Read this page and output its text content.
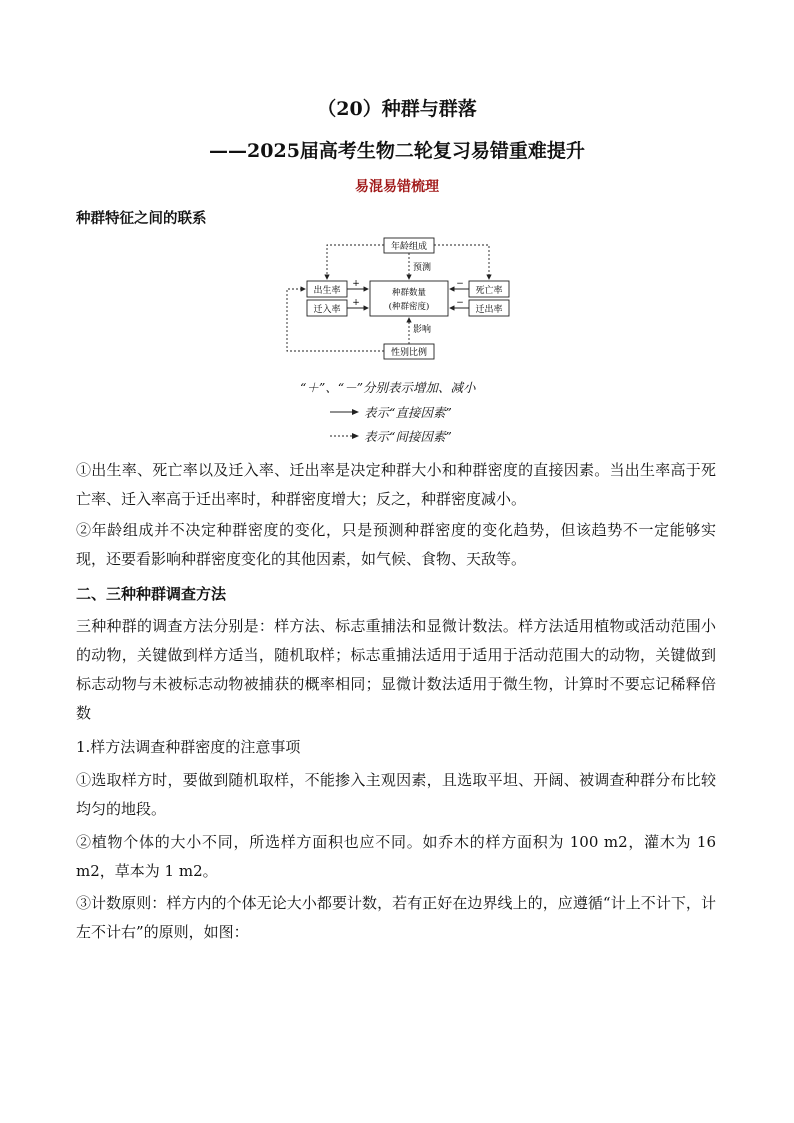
（20）种群与群落
——2025届高考生物二轮复习易错重难提升
易混易错梳理
种群特征之间的联系
年龄组成
出生率
迁入率
种群数量
(种群密度)
死亡率
迁出率
性别比例
预测
影响
+
+
−
−
“＋”、“－”分别表示增加、减小
表示“直接因素”
表示“间接因素”
①出生率、死亡率以及迁入率、迁出率是决定种群大小和种群密度的直接因素。当出生率高于死亡率、迁入率高于迁出率时，种群密度增大；反之，种群密度减小。
②年龄组成并不决定种群密度的变化，只是预测种群密度的变化趋势，但该趋势不一定能够实现，还要看影响种群密度变化的其他因素，如气候、食物、天敌等。
二、三种种群调查方法
三种种群的调查方法分别是：样方法、标志重捕法和显微计数法。样方法适用植物或活动范围小的动物，关键做到样方适当，随机取样；标志重捕法适用于适用于活动范围大的动物，关键做到标志动物与未被标志动物被捕获的概率相同；显微计数法适用于微生物，计算时不要忘记稀释倍数
1.样方法调查种群密度的注意事项
①选取样方时，要做到随机取样，不能掺入主观因素，且选取平坦、开阔、被调查种群分布比较均匀的地段。
②植物个体的大小不同，所选样方面积也应不同。如乔木的样方面积为 100 m2，灌木为 16 m2，草本为 1 m2。
③计数原则：样方内的个体无论大小都要计数，若有正好在边界线上的，应遵循“计上不计下，计左不计右”的原则，如图：
